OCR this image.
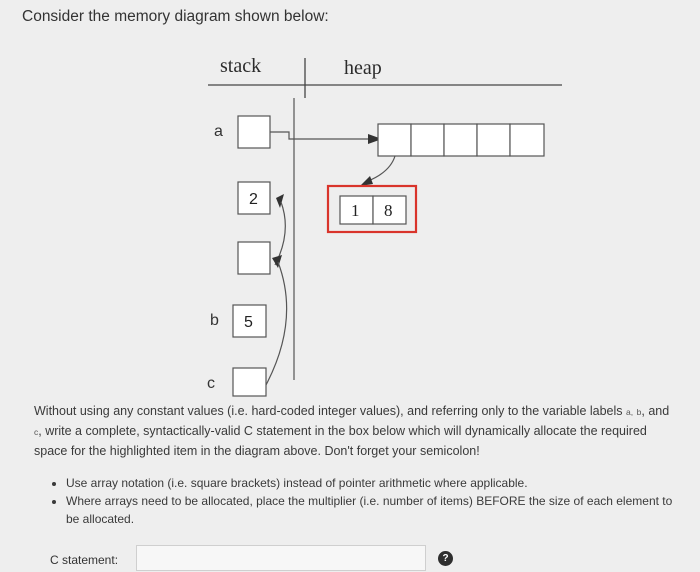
Consider the memory diagram shown below:
stack	heap
a
1 8
2
b 5
c
Without using any constant values (i.e. hard-coded integer values), and referring only to the variable labels a, b, and c, write a complete, syntactically-valid C statement in the box below which will dynamically allocate the required space for the highlighted item in the diagram above. Don't forget your semicolon!
• Use array notation (i.e. square brackets) instead of pointer arithmetic where applicable.
• Where arrays need to be allocated, place the multiplier (i.e. number of items) BEFORE the size of each element to be allocated.
C statement:	?
